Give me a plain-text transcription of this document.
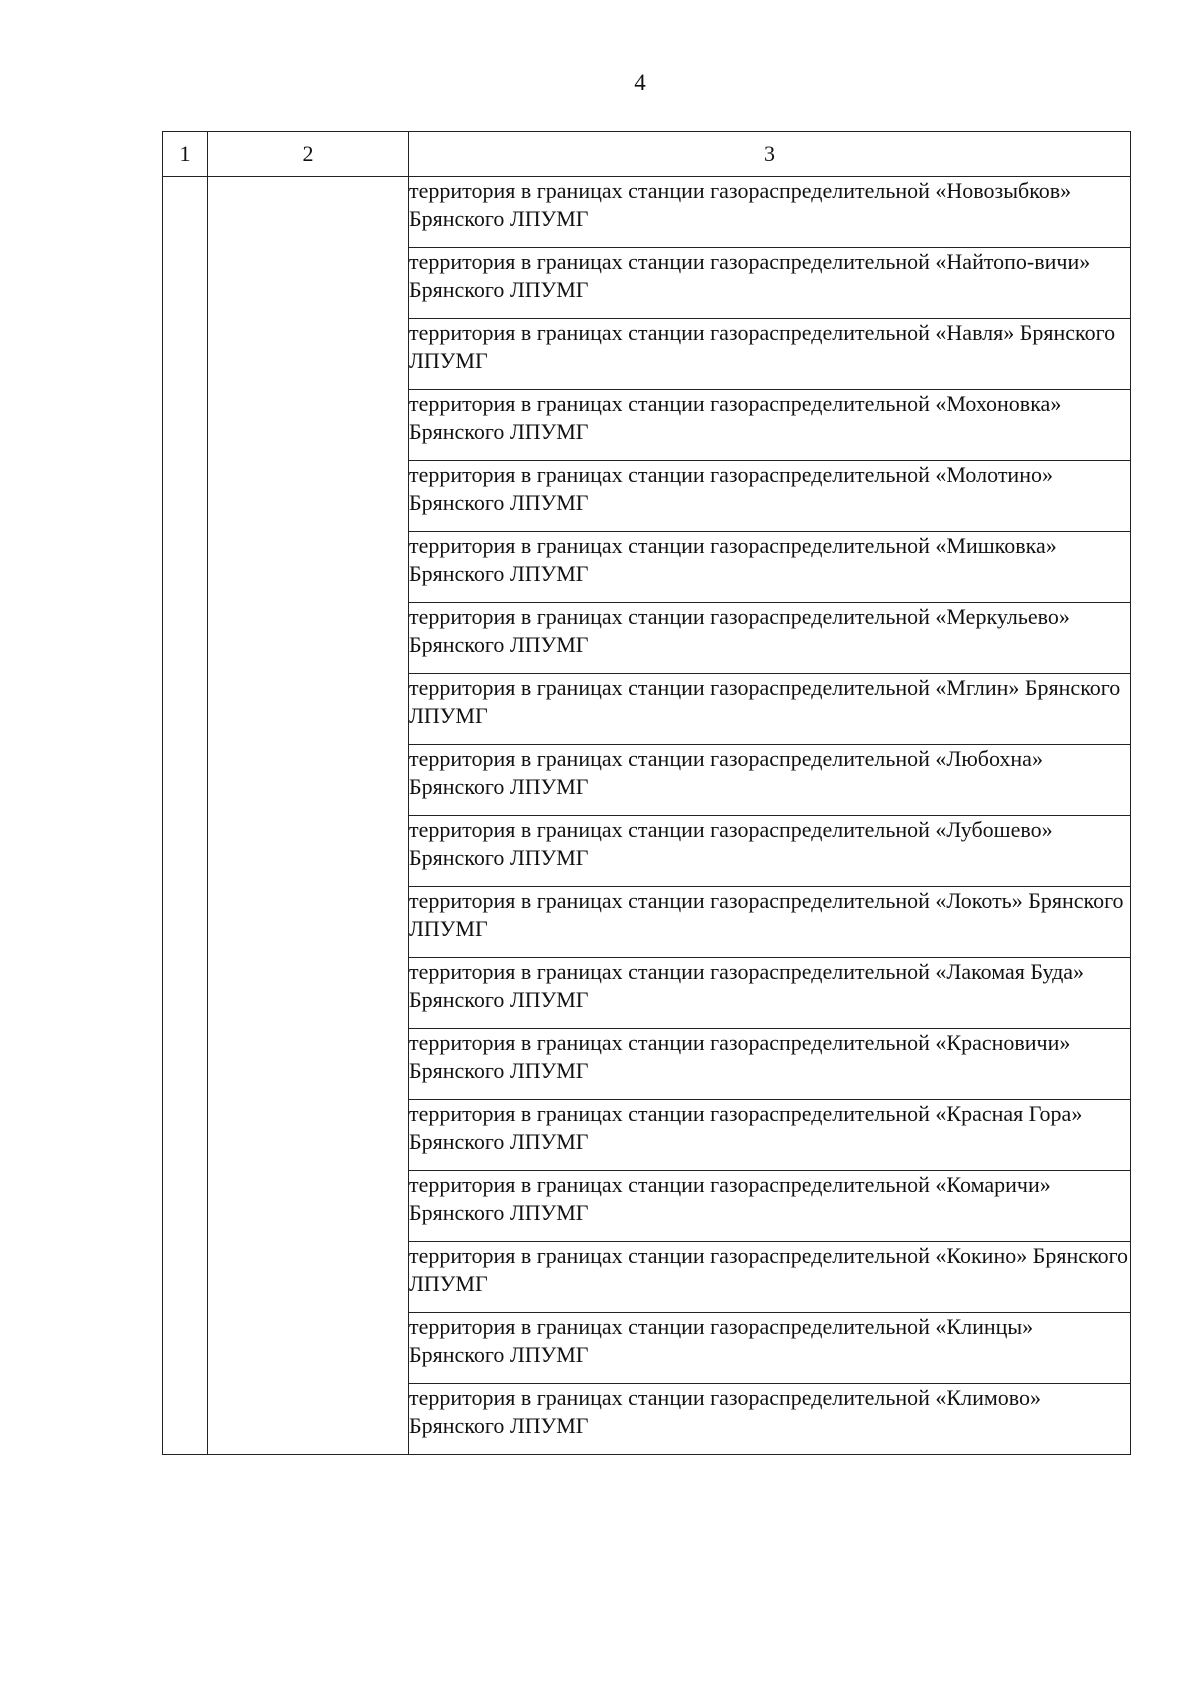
4
1	2	3
		территория в границах станции газораспределительной «Новозыбков» Брянского ЛПУМГ
		территория в границах станции газораспределительной «Найтопо-вичи» Брянского ЛПУМГ
		территория в границах станции газораспределительной «Навля» Брянского ЛПУМГ
		территория в границах станции газораспределительной «Мохоновка» Брянского ЛПУМГ
		территория в границах станции газораспределительной «Молотино» Брянского ЛПУМГ
		территория в границах станции газораспределительной «Мишковка» Брянского ЛПУМГ
		территория в границах станции газораспределительной «Меркульево» Брянского ЛПУМГ
		территория в границах станции газораспределительной «Мглин» Брянского ЛПУМГ
		территория в границах станции газораспределительной «Любохна» Брянского ЛПУМГ
		территория в границах станции газораспределительной «Лубошево» Брянского ЛПУМГ
		территория в границах станции газораспределительной «Локоть» Брянского ЛПУМГ
		территория в границах станции газораспределительной «Лакомая Буда» Брянского ЛПУМГ
		территория в границах станции газораспределительной «Красновичи» Брянского ЛПУМГ
		территория в границах станции газораспределительной «Красная Гора» Брянского ЛПУМГ
		территория в границах станции газораспределительной «Комаричи» Брянского ЛПУМГ
		территория в границах станции газораспределительной «Кокино» Брянского ЛПУМГ
		территория в границах станции газораспределительной «Клинцы» Брянского ЛПУМГ
		территория в границах станции газораспределительной «Климово» Брянского ЛПУМГ
